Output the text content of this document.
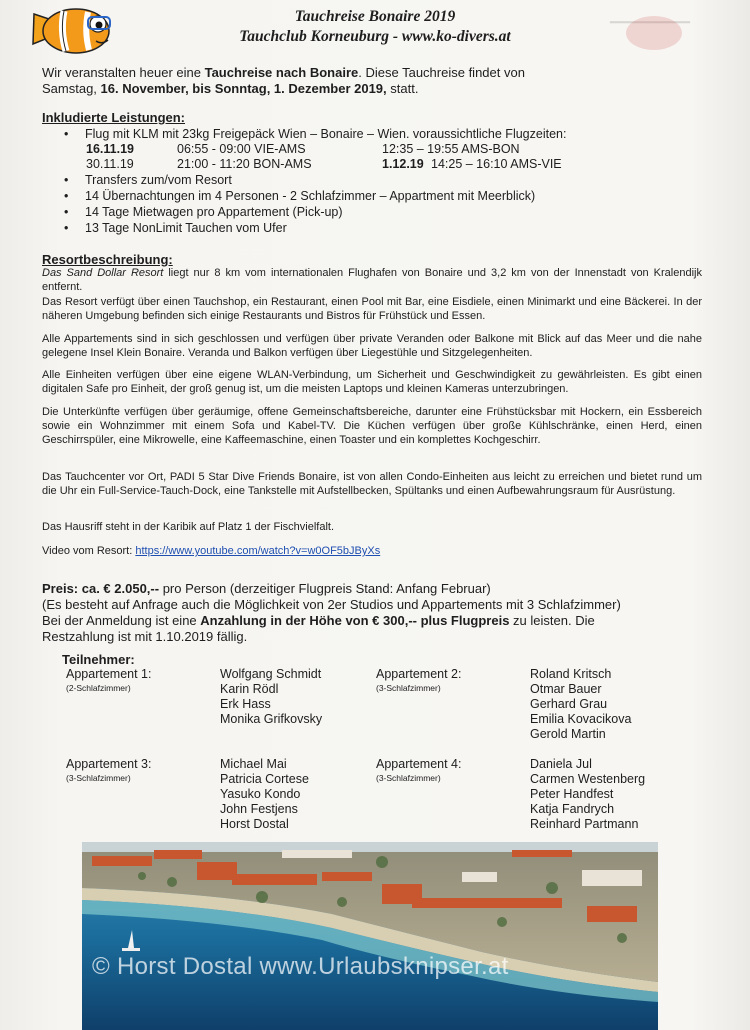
▁▁▁▁▁▁▁▁
Tauchreise Bonaire 2019
Tauchclub Korneuburg - www.ko-divers.at
Wir veranstalten heuer eine Tauchreise nach Bonaire. Diese Tauchreise findet von
Samstag, 16. November, bis Sonntag, 1. Dezember 2019, statt.
Inkludierte Leistungen:
• Flug mit KLM mit 23kg Freigepäck Wien – Bonaire – Wien. voraussichtliche Flugzeiten:
16.11.19	06:55 - 09:00 VIE-AMS	12:35 – 19:55 AMS-BON
30.11.19	21:00 - 11:20 BON-AMS	1.12.19 14:25 – 16:10 AMS-VIE
• Transfers zum/vom Resort
• 14 Übernachtungen im 4 Personen - 2 Schlafzimmer – Appartment mit Meerblick)
• 14 Tage Mietwagen pro Appartement (Pick-up)
• 13 Tage NonLimit Tauchen vom Ufer
Resortbeschreibung:
Das Sand Dollar Resort liegt nur 8 km vom internationalen Flughafen von Bonaire und 3,2 km von der Innenstadt von Kralendijk entfernt.
Das Resort verfügt über einen Tauchshop, ein Restaurant, einen Pool mit Bar, eine Eisdiele, einen Minimarkt und eine Bäckerei. In der näheren Umgebung befinden sich einige Restaurants und Bistros für Frühstück und Essen.
Alle Appartements sind in sich geschlossen und verfügen über private Veranden oder Balkone mit Blick auf das Meer und die nahe gelegene Insel Klein Bonaire. Veranda und Balkon verfügen über Liegestühle und Sitzgelegenheiten.
Alle Einheiten verfügen über eine eigene WLAN-Verbindung, um Sicherheit und Geschwindigkeit zu gewährleisten. Es gibt einen digitalen Safe pro Einheit, der groß genug ist, um die meisten Laptops und kleinen Kameras unterzubringen.
Die Unterkünfte verfügen über geräumige, offene Gemeinschaftsbereiche, darunter eine Frühstücksbar mit Hockern, ein Essbereich sowie ein Wohnzimmer mit einem Sofa und Kabel-TV. Die Küchen verfügen über große Kühlschränke, einen Herd, einen Geschirrspüler, eine Mikrowelle, eine Kaffeemaschine, einen Toaster und ein komplettes Kochgeschirr.
Das Tauchcenter vor Ort, PADI 5 Star Dive Friends Bonaire, ist von allen Condo-Einheiten aus leicht zu erreichen und bietet rund um die Uhr ein Full-Service-Tauch-Dock, eine Tankstelle mit Aufstellbecken, Spültanks und einen Aufbewahrungsraum für Ausrüstung.
Das Hausriff steht in der Karibik auf Platz 1 der Fischvielfalt.
Video vom Resort: https://www.youtube.com/watch?v=w0OF5bJByXs
Preis: ca. € 2.050,-- pro Person (derzeitiger Flugpreis Stand: Anfang Februar)
(Es besteht auf Anfrage auch die Möglichkeit von 2er Studios und Appartements mit 3 Schlafzimmer)
Bei der Anmeldung ist eine Anzahlung in der Höhe von € 300,-- plus Flugpreis zu leisten. Die
Restzahlung ist mit 1.10.2019 fällig.
Teilnehmer:
Appartement 1:
(2-Schlafzimmer)
Wolfgang Schmidt
Karin Rödl
Erk Hass
Monika Grifkovsky
Appartement 2:
(3-Schlafzimmer)
Roland Kritsch
Otmar Bauer
Gerhard Grau
Emilia Kovacikova
Gerold Martin
Appartement 3:
(3-Schlafzimmer)
Michael Mai
Patricia Cortese
Yasuko Kondo
John Festjens
Horst Dostal
Appartement 4:
(3-Schlafzimmer)
Daniela Jul
Carmen Westenberg
Peter Handfest
Katja Fandrych
Reinhard Partmann
© Horst Dostal www.Urlaubsknipser.at
